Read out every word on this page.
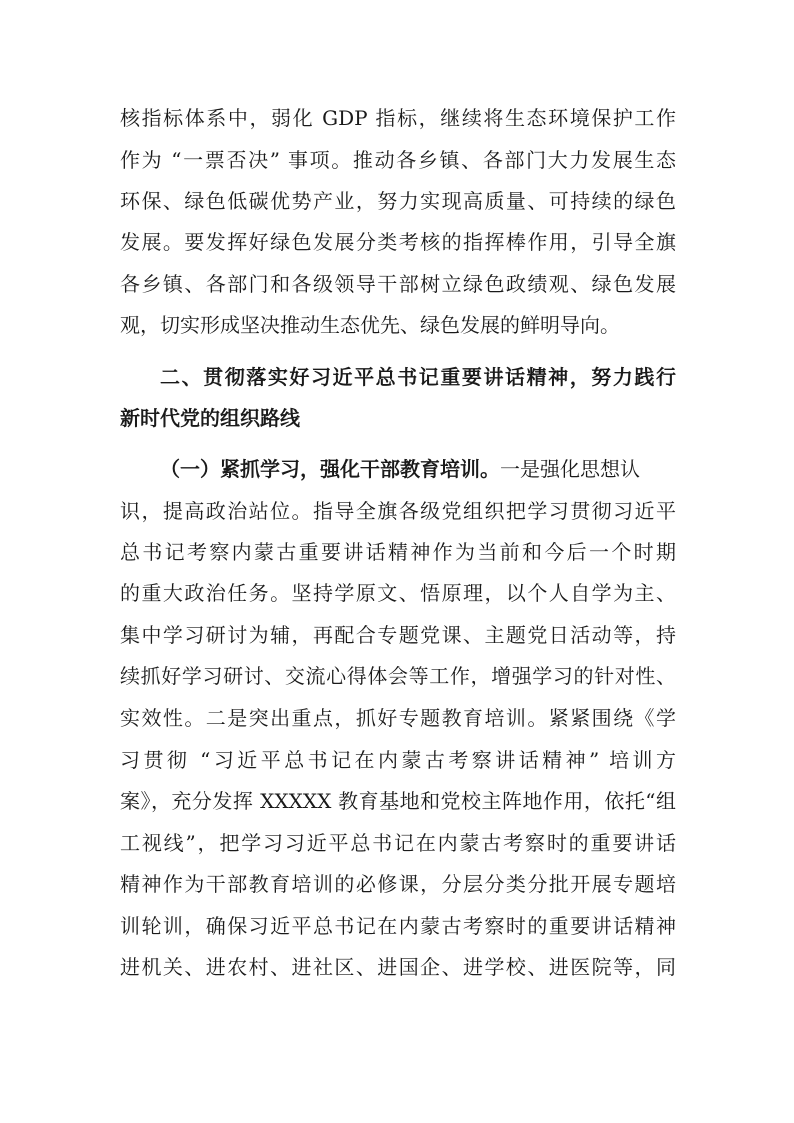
核指标体系中，弱化 GDP 指标，继续将生态环境保护工作
作为 “一票否决” 事项。推动各乡镇、各部门大力发展生态
环保、绿色低碳优势产业，努力实现高质量、可持续的绿色
发展。要发挥好绿色发展分类考核的指挥棒作用，引导全旗
各乡镇、各部门和各级领导干部树立绿色政绩观、绿色发展
观，切实形成坚决推动生态优先、绿色发展的鲜明导向。
二、贯彻落实好习近平总书记重要讲话精神，努力践行
新时代党的组织路线
（一）紧抓学习，强化干部教育培训。一是强化思想认
识，提高政治站位。指导全旗各级党组织把学习贯彻习近平
总书记考察内蒙古重要讲话精神作为当前和今后一个时期
的重大政治任务。坚持学原文、悟原理，以个人自学为主、
集中学习研讨为辅，再配合专题党课、主题党日活动等，持
续抓好学习研讨、交流心得体会等工作，增强学习的针对性、
实效性。二是突出重点，抓好专题教育培训。紧紧围绕《学
习贯彻 “习近平总书记在内蒙古考察讲话精神” 培训方
案》，充分发挥 XXXXX 教育基地和党校主阵地作用，依托“组
工视线”，把学习习近平总书记在内蒙古考察时的重要讲话
精神作为干部教育培训的必修课，分层分类分批开展专题培
训轮训，确保习近平总书记在内蒙古考察时的重要讲话精神
进机关、进农村、进社区、进国企、进学校、进医院等，同
